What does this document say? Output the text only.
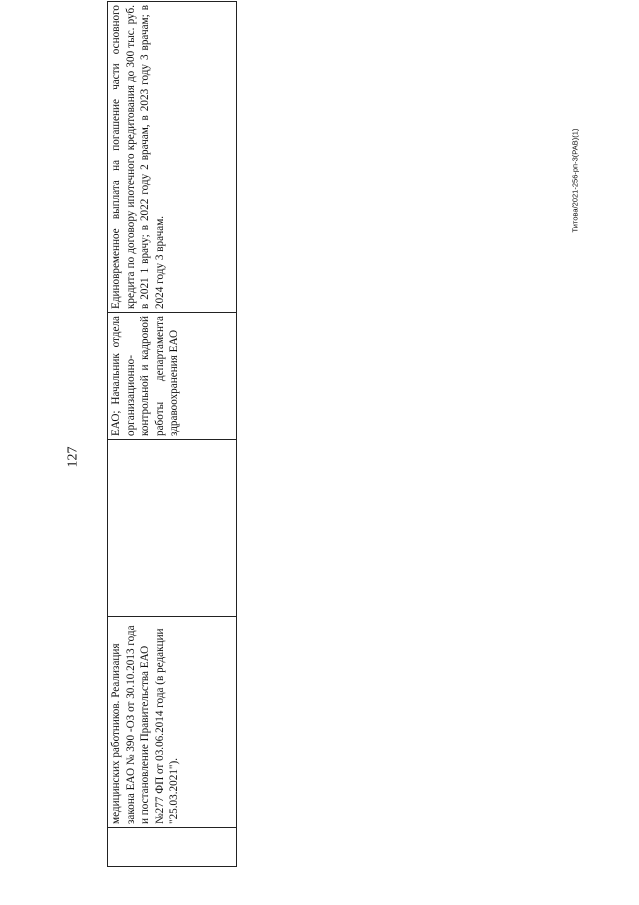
127
Титова/2021-256-рп-3(РАВ)(1)
	медицинских работников. Реализация закона ЕАО № 390 -ОЗ от 30.10.2013 года и постановление Правительства ЕАО №277 ФП от 03.06.2014 года (в редакции "25.03.2021").		ЕАО; Начальник отдела организационно-контрольной и кадровой работы департамента здравоохранения ЕАО	Единовременное выплата на погашение части основного кредита по договору ипотечного кредитования до 300 тыс. руб. в 2021 1 врачу; в 2022 году 2 врачам, в 2023 году 3 врачам; в 2024 году 3 врачам.
